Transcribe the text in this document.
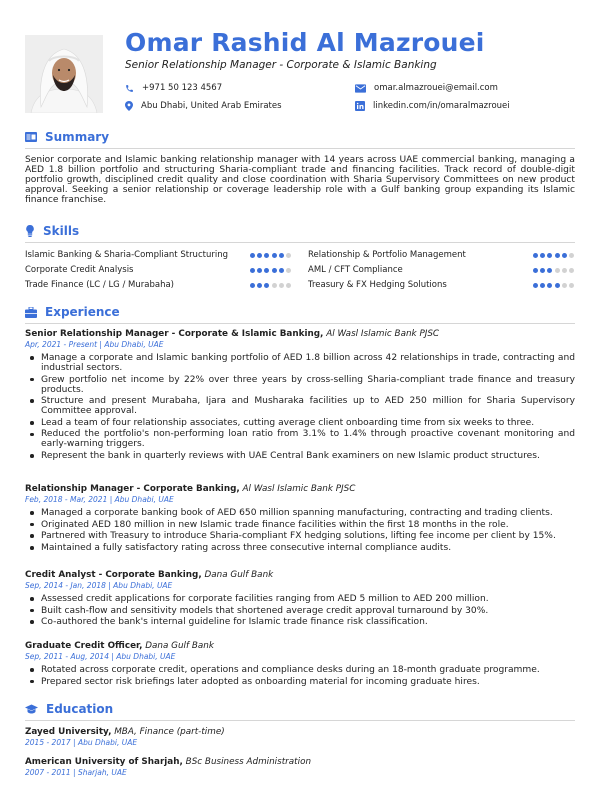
Omar Rashid Al Mazrouei
Senior Relationship Manager - Corporate & Islamic Banking
+971 50 123 4567	omar.almazrouei@email.com
Abu Dhabi, United Arab Emirates	linkedin.com/in/omaralmazrouei
Summary
Senior corporate and Islamic banking relationship manager with 14 years across UAE commercial banking, managing a AED 1.8 billion portfolio and structuring Sharia-compliant trade and financing facilities. Track record of double-digit portfolio growth, disciplined credit quality and close coordination with Sharia Supervisory Committees on new product approval. Seeking a senior relationship or coverage leadership role with a Gulf banking group expanding its Islamic finance franchise.
Skills
Islamic Banking & Sharia-Compliant Structuring	Relationship & Portfolio Management
Corporate Credit Analysis	AML / CFT Compliance
Trade Finance (LC / LG / Murabaha)	Treasury & FX Hedging Solutions
Experience
Senior Relationship Manager - Corporate & Islamic Banking, Al Wasl Islamic Bank PJSC
Apr, 2021 - Present | Abu Dhabi, UAE
Manage a corporate and Islamic banking portfolio of AED 1.8 billion across 42 relationships in trade, contracting and industrial sectors.
Grew portfolio net income by 22% over three years by cross-selling Sharia-compliant trade finance and treasury products.
Structure and present Murabaha, Ijara and Musharaka facilities up to AED 250 million for Sharia Supervisory Committee approval.
Lead a team of four relationship associates, cutting average client onboarding time from six weeks to three.
Reduced the portfolio's non-performing loan ratio from 3.1% to 1.4% through proactive covenant monitoring and early-warning triggers.
Represent the bank in quarterly reviews with UAE Central Bank examiners on new Islamic product structures.
Relationship Manager - Corporate Banking, Al Wasl Islamic Bank PJSC
Feb, 2018 - Mar, 2021 | Abu Dhabi, UAE
Managed a corporate banking book of AED 650 million spanning manufacturing, contracting and trading clients.
Originated AED 180 million in new Islamic trade finance facilities within the first 18 months in the role.
Partnered with Treasury to introduce Sharia-compliant FX hedging solutions, lifting fee income per client by 15%.
Maintained a fully satisfactory rating across three consecutive internal compliance audits.
Credit Analyst - Corporate Banking, Dana Gulf Bank
Sep, 2014 - Jan, 2018 | Abu Dhabi, UAE
Assessed credit applications for corporate facilities ranging from AED 5 million to AED 200 million.
Built cash-flow and sensitivity models that shortened average credit approval turnaround by 30%.
Co-authored the bank's internal guideline for Islamic trade finance risk classification.
Graduate Credit Officer, Dana Gulf Bank
Sep, 2011 - Aug, 2014 | Abu Dhabi, UAE
Rotated across corporate credit, operations and compliance desks during an 18-month graduate programme.
Prepared sector risk briefings later adopted as onboarding material for incoming graduate hires.
Education
Zayed University, MBA, Finance (part-time)
2015 - 2017 | Abu Dhabi, UAE
American University of Sharjah, BSc Business Administration
2007 - 2011 | Sharjah, UAE
